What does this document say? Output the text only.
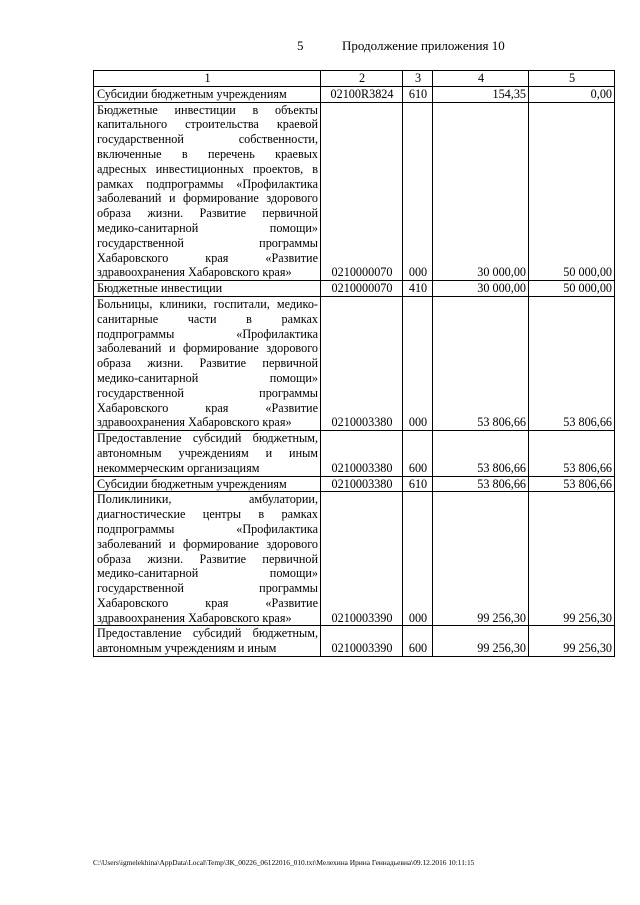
5	Продолжение приложения 10
1	2	3	4	5
Субсидии бюджетным учреждениям	02100R3824	610	154,35	0,00
Бюджетные инвестиции в объекты капитального строительства краевой государственной собственности, включенные в перечень краевых адресных инвестиционных проектов, в рамках подпрограммы «Профилактика заболеваний и формирование здорового образа жизни. Развитие первичной медико-санитарной помощи» государственной программы Хабаровского края «Развитие здравоохранения Хабаровского края»	0210000070	000	30 000,00	50 000,00
Бюджетные инвестиции	0210000070	410	30 000,00	50 000,00
Больницы, клиники, госпитали, медико-санитарные части в рамках подпрограммы «Профилактика заболеваний и формирование здорового образа жизни. Развитие первичной медико-санитарной помощи» государственной программы Хабаровского края «Развитие здравоохранения Хабаровского края»	0210003380	000	53 806,66	53 806,66
Предоставление субсидий бюджетным, автономным учреждениям и иным некоммерческим организациям	0210003380	600	53 806,66	53 806,66
Субсидии бюджетным учреждениям	0210003380	610	53 806,66	53 806,66
Поликлиники, амбулатории, диагностические центры в рамках подпрограммы «Профилактика заболеваний и формирование здорового образа жизни. Развитие первичной медико-санитарной помощи» государственной программы Хабаровского края «Развитие здравоохранения Хабаровского края»	0210003390	000	99 256,30	99 256,30
Предоставление субсидий бюджетным, автономным учреждениям и иным	0210003390	600	99 256,30	99 256,30
C:\Users\igmelekhina\AppData\Local\Temp\ЗК_00226_06122016_010.txt\Мелехина Ирина Геннадьевна\09.12.2016 10:11:15
